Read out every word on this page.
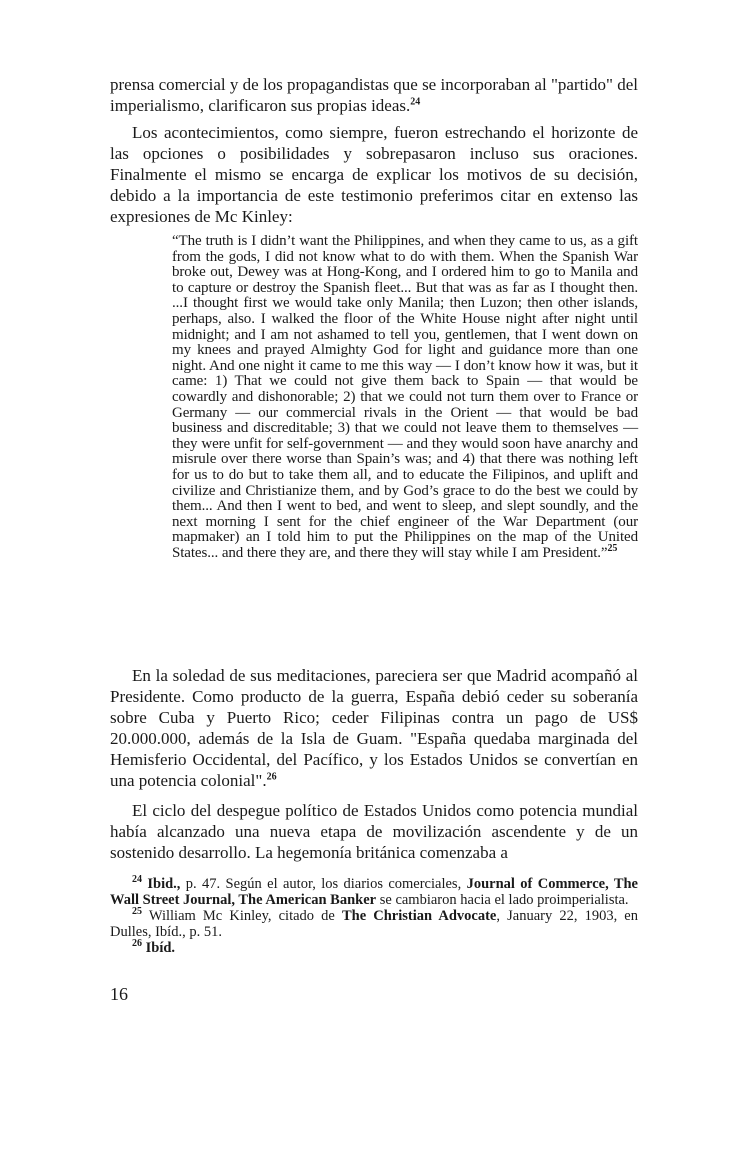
prensa comercial y de los propagandistas que se incorporaban al "partido" del imperialismo, clarificaron sus propias ideas.$^{24}$

Los acontecimientos, como siempre, fueron estrechando el horizonte de las opciones o posibilidades y sobrepasaron incluso sus oraciones. Finalmente el mismo se encarga de explicar los motivos de su decisión, debido a la importancia de este testimonio preferimos citar en extenso las expresiones de Mc Kinley:

“The truth is I didn’t want the Philippines, and when they came to us, as a gift from the gods, I did not know what to do with them. When the Spanish War broke out, Dewey was at Hong-Kong, and I ordered him to go to Manila and to capture or destroy the Spanish fleet... But that was as far as I thought then. ...I thought first we would take only Manila; then Luzon; then other islands, perhaps, also. I walked the floor of the White House night after night until midnight; and I am not ashamed to tell you, gentlemen, that I went down on my knees and prayed Almighty God for light and guidance more than one night. And one night it came to me this way — I don’t know how it was, but it came: 1) That we could not give them back to Spain — that would be cowardly and dishonorable; 2) that we could not turn them over to France or Germany — our commercial rivals in the Orient — that would be bad business and discreditable; 3) that we could not leave them to themselves — they were unfit for self-government — and they would soon have anarchy and misrule over there worse than Spain’s was; and 4) that there was nothing left for us to do but to take them all, and to educate the Filipinos, and uplift and civilize and Christianize them, and by God’s grace to do the best we could by them... And then I went to bed, and went to sleep, and slept soundly, and the next morning I sent for the chief engineer of the War Department (our mapmaker) an I told him to put the Philippines on the map of the United States... and there they are, and there they will stay while I am President.”$^{25}$

En la soledad de sus meditaciones, pareciera ser que Madrid acompañó al Presidente. Como producto de la guerra, España debió ceder su soberanía sobre Cuba y Puerto Rico; ceder Filipinas contra un pago de US$ 20.000.000, además de la Isla de Guam. "España quedaba marginada del Hemisferio Occidental, del Pacífico, y los Estados Unidos se convertían en una potencia colonial".$^{26}$

El ciclo del despegue político de Estados Unidos como potencia mundial había alcanzado una nueva etapa de movilización ascendente y de un sostenido desarrollo. La hegemonía británica comenzaba a

$^{24}$ Ibid., p. 47. Según el autor, los diarios comerciales, Journal of Commerce, The Wall Street Journal, The American Banker se cambiaron hacia el lado proimperialista.

$^{25}$ William Mc Kinley, citado de The Christian Advocate, January 22, 1903, en Dulles, Ibíd., p. 51.

$^{26}$ Ibíd.

16
